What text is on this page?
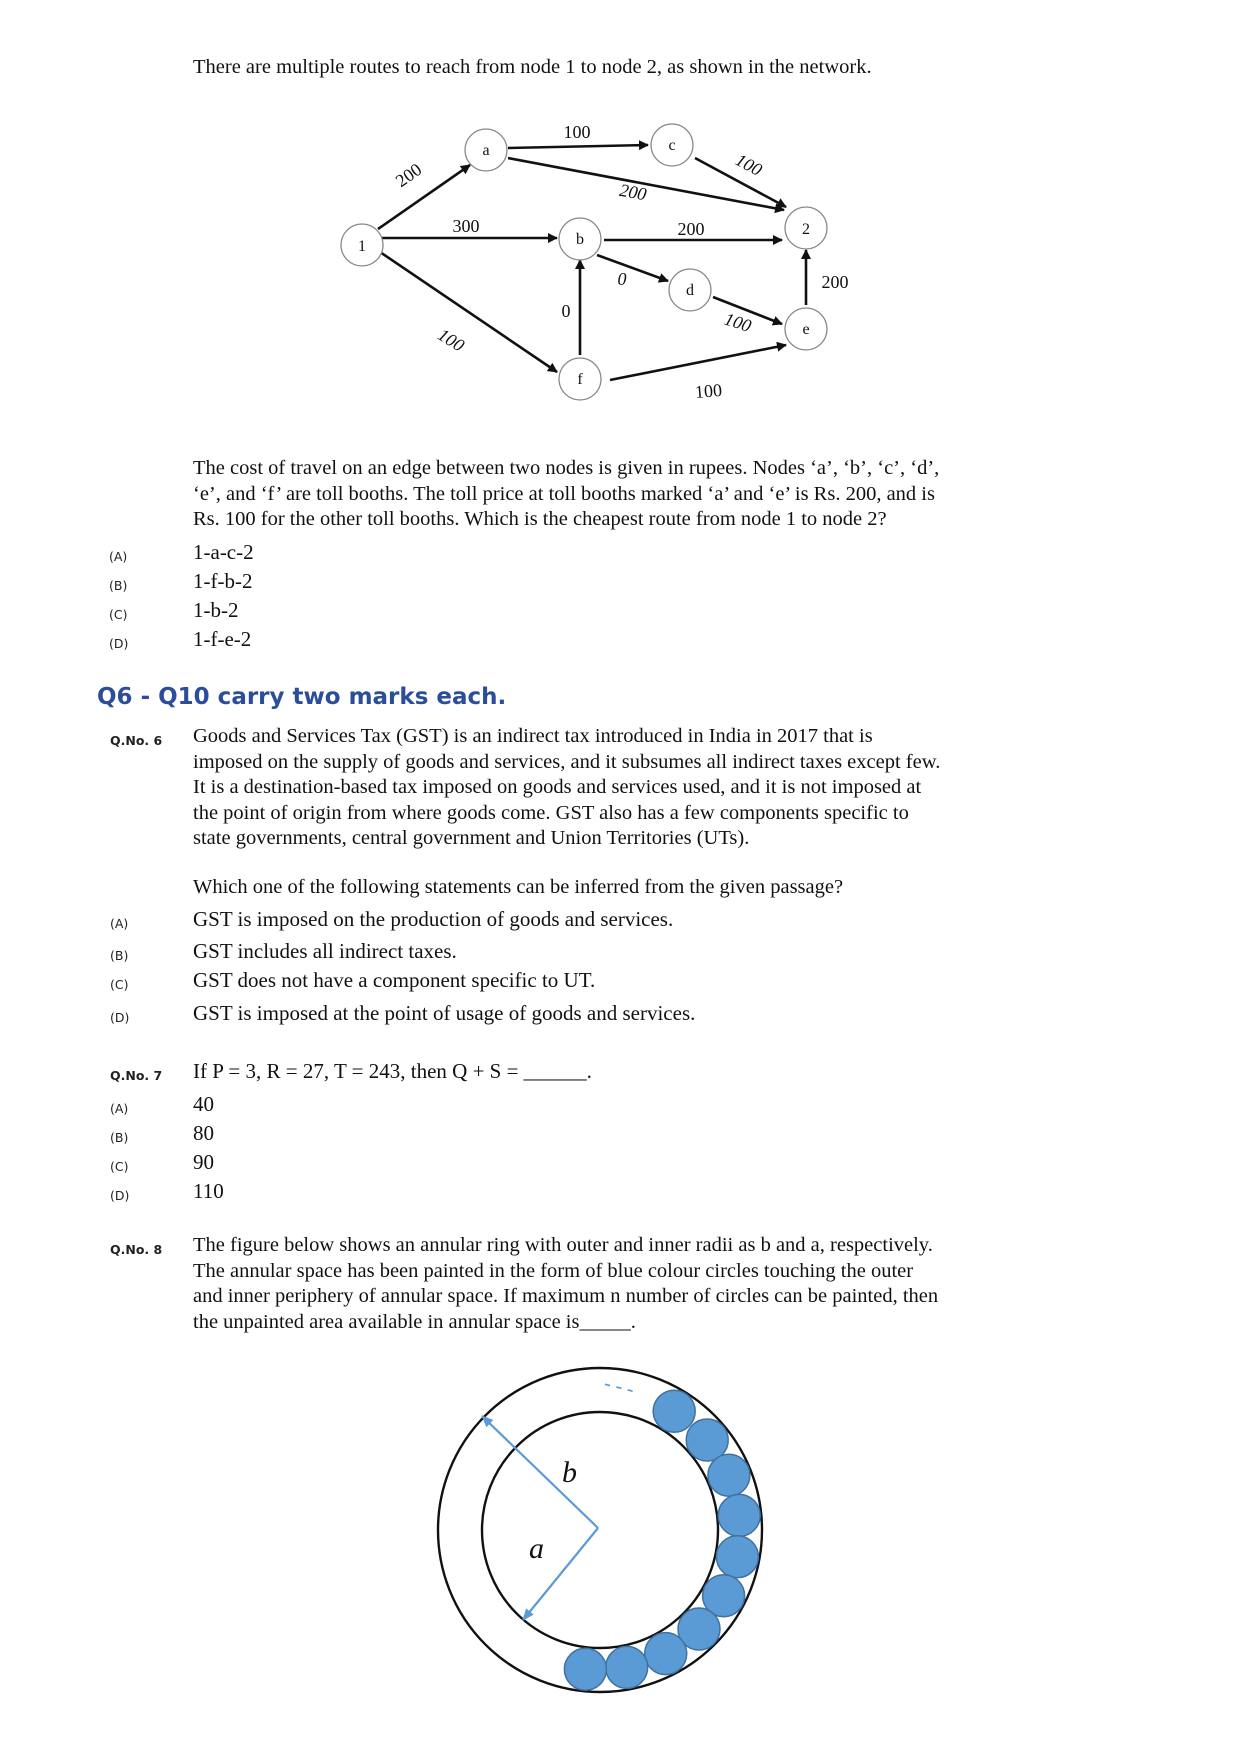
There are multiple routes to reach from node 1 to node 2, as shown in the network.
1
a
b
c
d
e
f
2
200
100
200
100
300	200
0
100
0
200
100
100
The cost of travel on an edge between two nodes is given in rupees. Nodes ‘a’, ‘b’, ‘c’, ‘d’,
‘e’, and ‘f’ are toll booths. The toll price at toll booths marked ‘a’ and ‘e’ is Rs. 200, and is
Rs. 100 for the other toll booths. Which is the cheapest route from node 1 to node 2?
(A)	1-a-c-2
(B)	1-f-b-2
(C)	1-b-2
(D)	1-f-e-2
Q6 - Q10 carry two marks each.
Q.No. 6 Goods and Services Tax (GST) is an indirect tax introduced in India in 2017 that is
imposed on the supply of goods and services, and it subsumes all indirect taxes except few.
It is a destination-based tax imposed on goods and services used, and it is not imposed at
the point of origin from where goods come. GST also has a few components specific to
state governments, central government and Union Territories (UTs).
Which one of the following statements can be inferred from the given passage?
(A)	GST is imposed on the production of goods and services.
(B)	GST includes all indirect taxes.
(C)	GST does not have a component specific to UT.
(D)	GST is imposed at the point of usage of goods and services.
Q.No. 7 If P = 3, R = 27, T = 243, then Q + S = ______.
(A)	40
(B)	80
(C)	90
(D)	110
Q.No. 8 The figure below shows an annular ring with outer and inner radii as b and a, respectively.
The annular space has been painted in the form of blue colour circles touching the outer
and inner periphery of annular space. If maximum n number of circles can be painted, then
the unpainted area available in annular space is_____.
b
a
- - -
